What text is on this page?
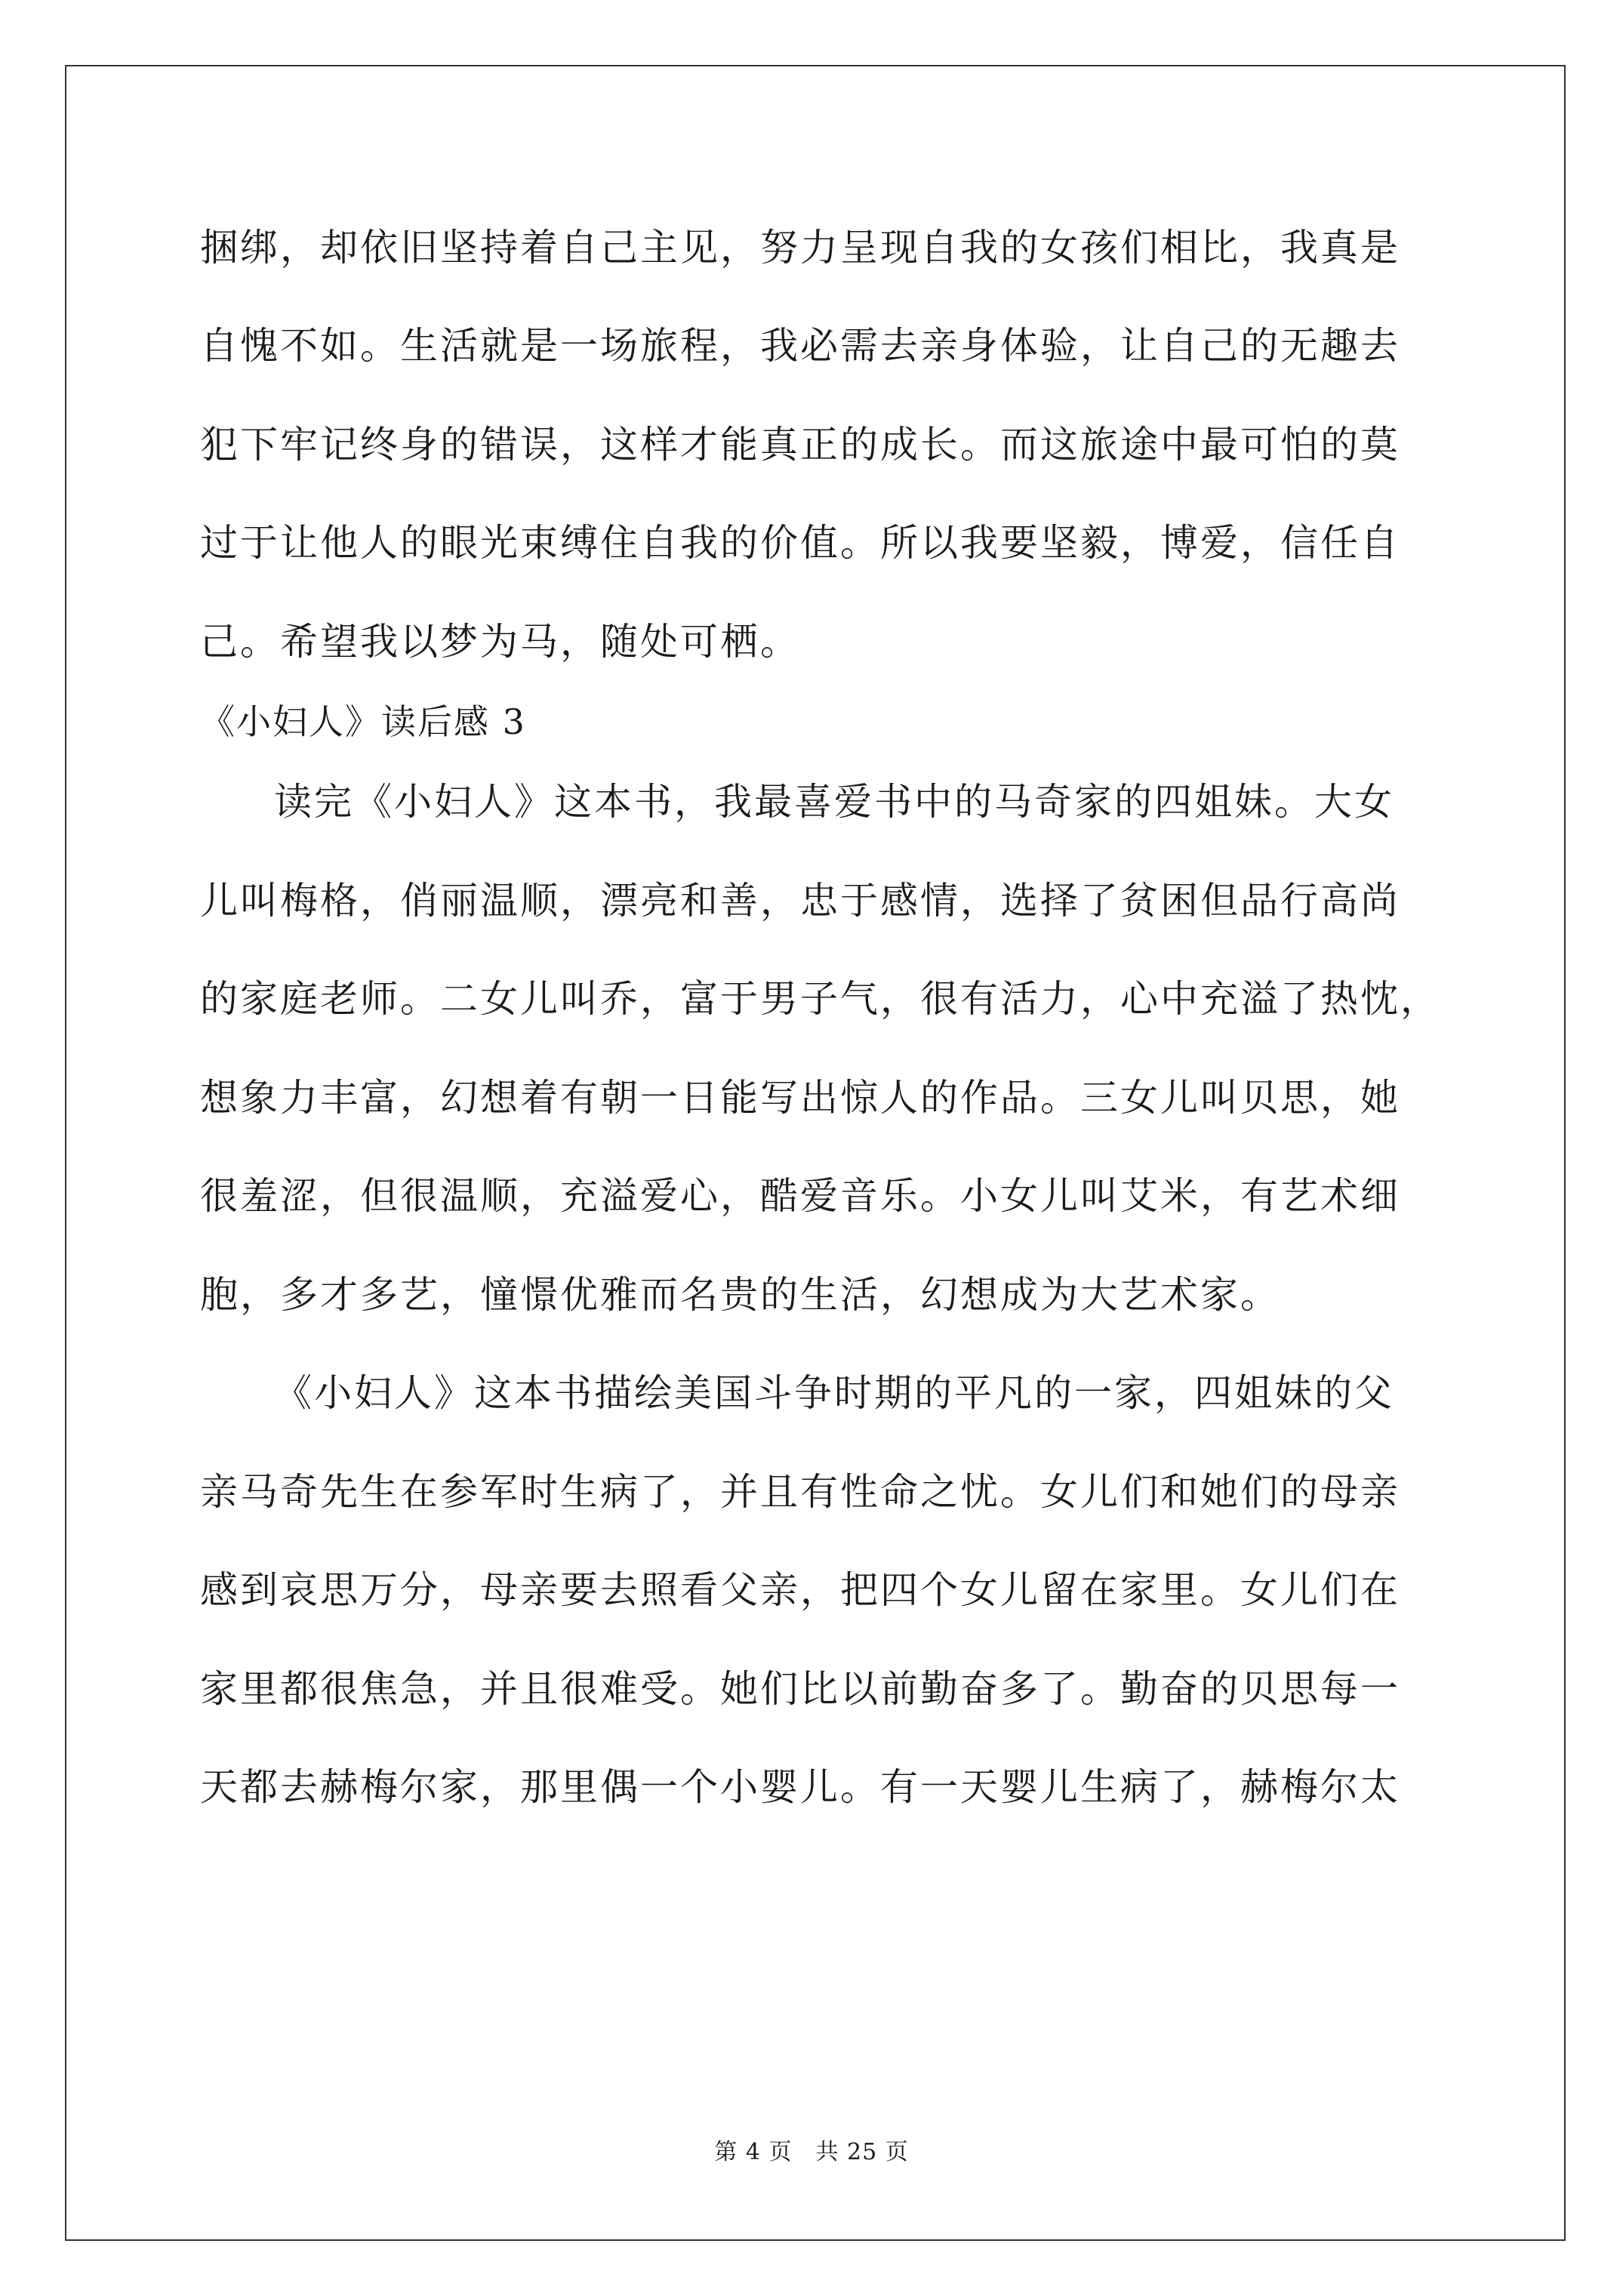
捆绑，却依旧坚持着自己主见，努力呈现自我的女孩们相比，我真是
自愧不如。生活就是一场旅程，我必需去亲身体验，让自己的无趣去
犯下牢记终身的错误，这样才能真正的成长。而这旅途中最可怕的莫
过于让他人的眼光束缚住自我的价值。所以我要坚毅，博爱，信任自
己。希望我以梦为马，随处可栖。
《小妇人》读后感 3
读完《小妇人》这本书，我最喜爱书中的马奇家的四姐妹。大女
儿叫梅格，俏丽温顺，漂亮和善，忠于感情，选择了贫困但品行高尚
的家庭老师。二女儿叫乔，富于男子气，很有活力，心中充溢了热忱，
想象力丰富，幻想着有朝一日能写出惊人的作品。三女儿叫贝思，她
很羞涩，但很温顺，充溢爱心，酷爱音乐。小女儿叫艾米，有艺术细
胞，多才多艺，憧憬优雅而名贵的生活，幻想成为大艺术家。
《小妇人》这本书描绘美国斗争时期的平凡的一家，四姐妹的父
亲马奇先生在参军时生病了，并且有性命之忧。女儿们和她们的母亲
感到哀思万分，母亲要去照看父亲，把四个女儿留在家里。女儿们在
家里都很焦急，并且很难受。她们比以前勤奋多了。勤奋的贝思每一
天都去赫梅尔家，那里偶一个小婴儿。有一天婴儿生病了，赫梅尔太
第 4 页　共 25 页
